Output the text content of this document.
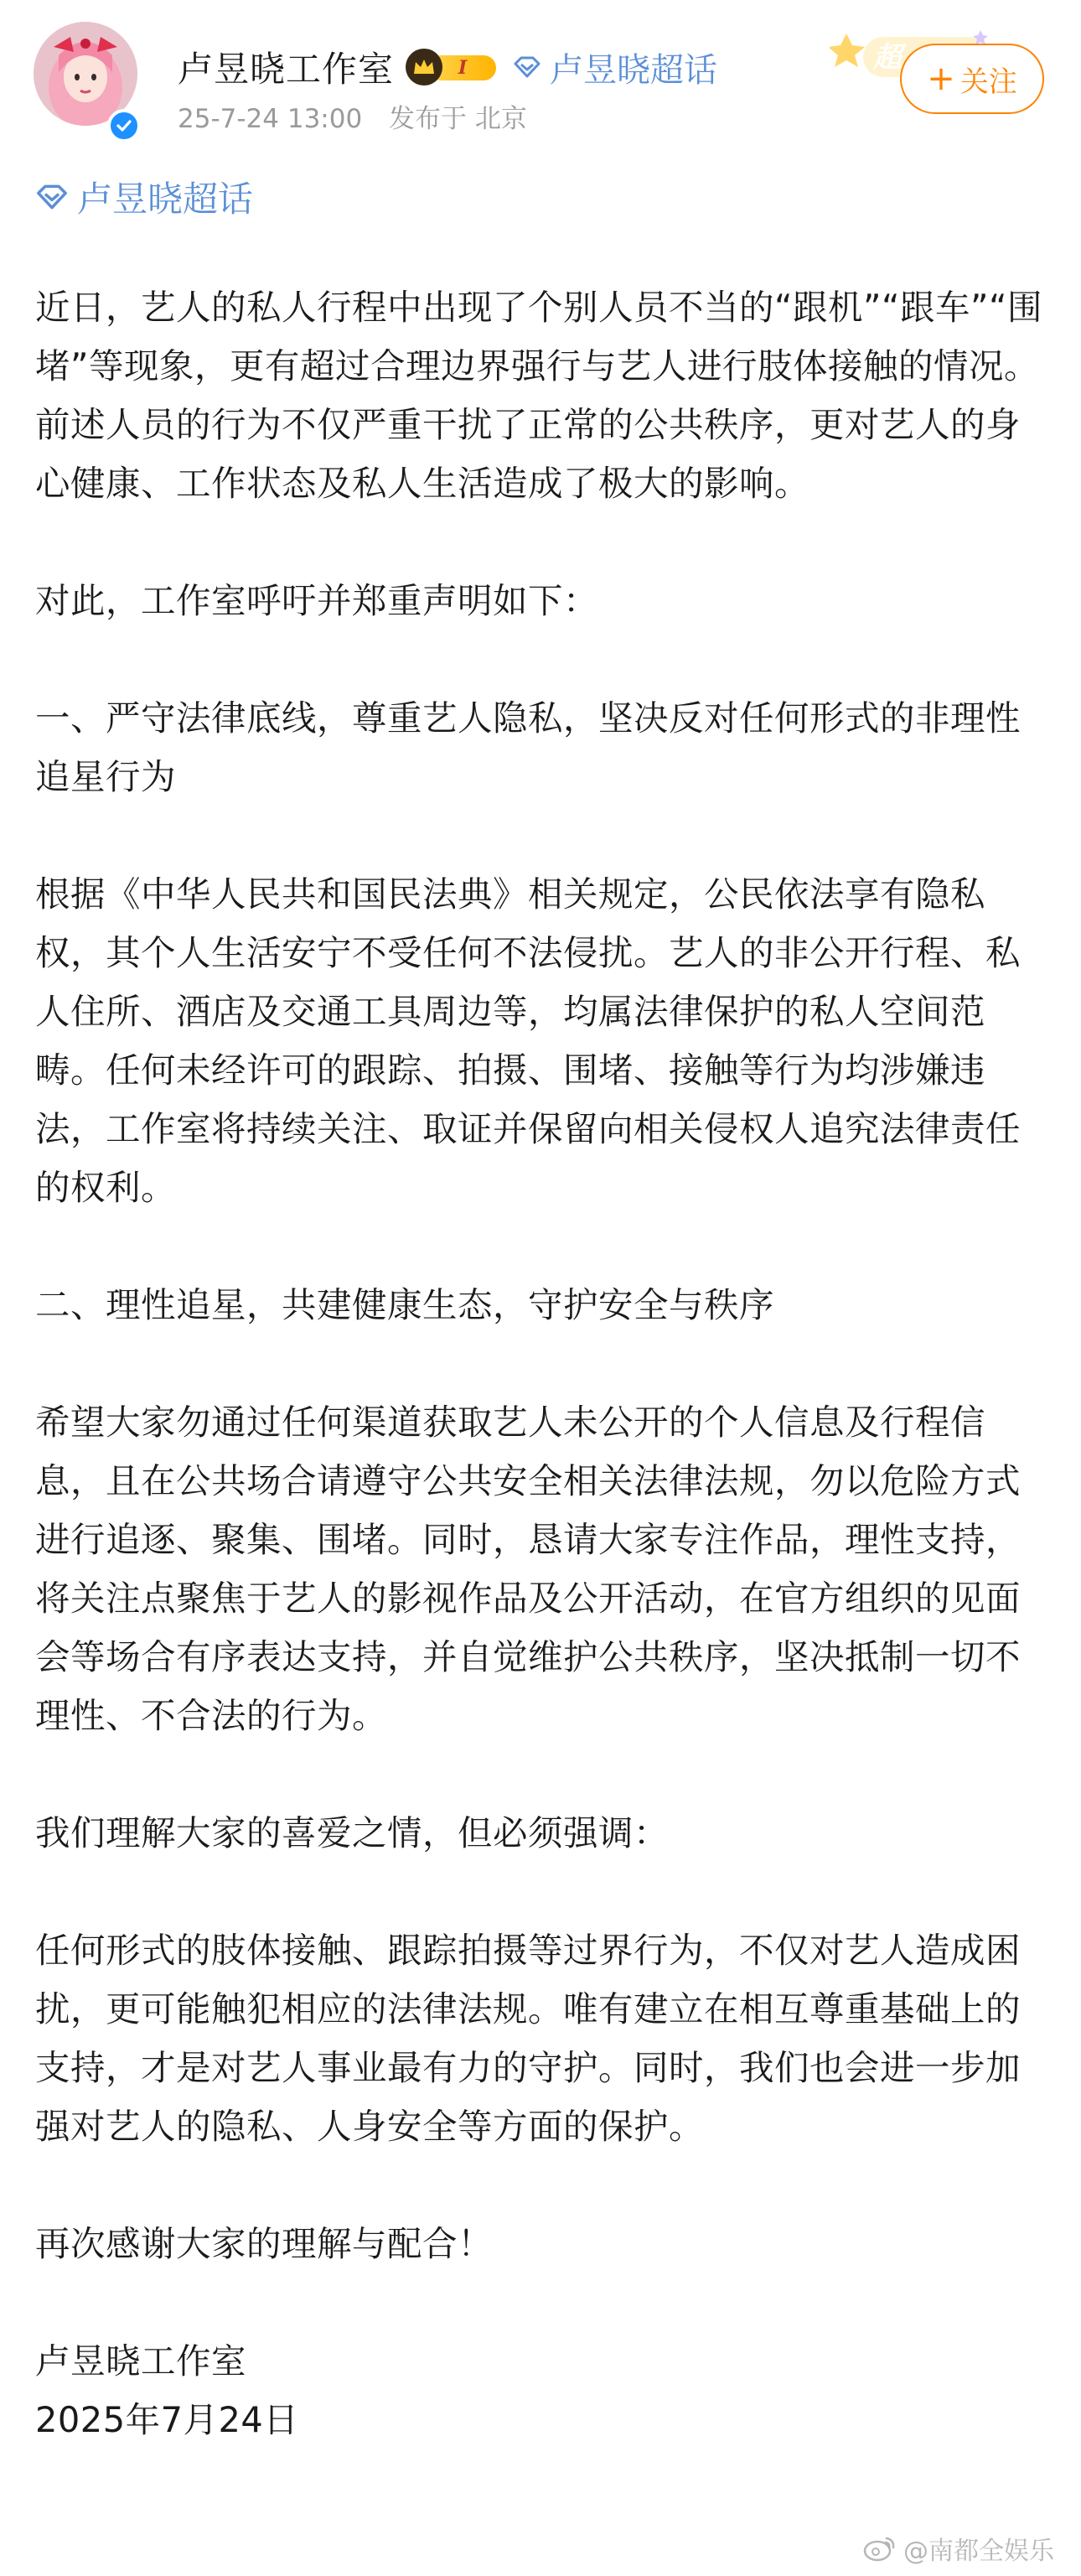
卢昱晓工作室	I	卢昱晓超话
25-7-24 13:00 发布于 北京
超
+ 关注
卢昱晓超话

近日，艺人的私人行程中出现了个别人员不当的“跟机”“跟车”“围堵”等现象，更有超过合理边界强行与艺人进行肢体接触的情况。前述人员的行为不仅严重干扰了正常的公共秩序，更对艺人的身心健康、工作状态及私人生活造成了极大的影响。

对此，工作室呼吁并郑重声明如下：

一、严守法律底线，尊重艺人隐私，坚决反对任何形式的非理性追星行为

根据《中华人民共和国民法典》相关规定，公民依法享有隐私权，其个人生活安宁不受任何不法侵扰。艺人的非公开行程、私人住所、酒店及交通工具周边等，均属法律保护的私人空间范畴。任何未经许可的跟踪、拍摄、围堵、接触等行为均涉嫌违法，工作室将持续关注、取证并保留向相关侵权人追究法律责任的权利。

二、理性追星，共建健康生态，守护安全与秩序

希望大家勿通过任何渠道获取艺人未公开的个人信息及行程信息，且在公共场合请遵守公共安全相关法律法规，勿以危险方式进行追逐、聚集、围堵。同时，恳请大家专注作品，理性支持，将关注点聚焦于艺人的影视作品及公开活动，在官方组织的见面会等场合有序表达支持，并自觉维护公共秩序，坚决抵制一切不理性、不合法的行为。

我们理解大家的喜爱之情，但必须强调：

任何形式的肢体接触、跟踪拍摄等过界行为，不仅对艺人造成困扰，更可能触犯相应的法律法规。唯有建立在相互尊重基础上的支持，才是对艺人事业最有力的守护。同时，我们也会进一步加强对艺人的隐私、人身安全等方面的保护。

再次感谢大家的理解与配合！

卢昱晓工作室

2025年7月24日

@南都全娱乐
